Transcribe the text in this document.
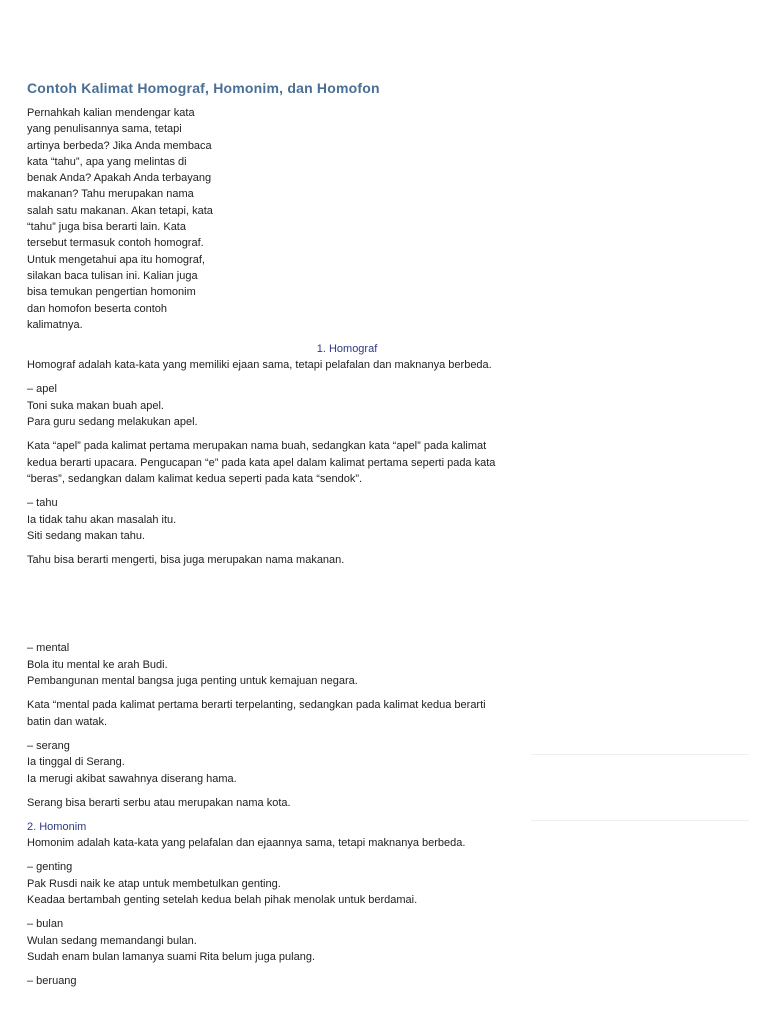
Contoh Kalimat Homograf, Homonim, dan Homofon
Pernahkah kalian mendengar kata
yang penulisannya sama, tetapi
artinya berbeda? Jika Anda membaca
kata “tahu”, apa yang melintas di
benak Anda? Apakah Anda terbayang
makanan? Tahu merupakan nama
salah satu makanan. Akan tetapi, kata
“tahu” juga bisa berarti lain. Kata
tersebut termasuk contoh homograf.
Untuk mengetahui apa itu homograf,
silakan baca tulisan ini. Kalian juga
bisa temukan pengertian homonim
dan homofon beserta contoh
kalimatnya.
1. Homograf

Homograf adalah kata-kata yang memiliki ejaan sama, tetapi pelafalan dan maknanya berbeda.

– apel
Toni suka makan buah apel.
Para guru sedang melakukan apel.
Kata “apel” pada kalimat pertama merupakan nama buah, sedangkan kata “apel” pada kalimat
kedua berarti upacara. Pengucapan “e” pada kata apel dalam kalimat pertama seperti pada kata
“beras”, sedangkan dalam kalimat kedua seperti pada kata “sendok”.
– tahu
Ia tidak tahu akan masalah itu.
Siti sedang makan tahu.

Tahu bisa berarti mengerti, bisa juga merupakan nama makanan.

– mental
Bola itu mental ke arah Budi.
Pembangunan mental bangsa juga penting untuk kemajuan negara.
Kata “mental pada kalimat pertama berarti terpelanting, sedangkan pada kalimat kedua berarti
batin dan watak.
– serang
Ia tinggal di Serang.
Ia merugi akibat sawahnya diserang hama.

Serang bisa berarti serbu atau merupakan nama kota.

2. Homonim

Homonim adalah kata-kata yang pelafalan dan ejaannya sama, tetapi maknanya berbeda.

– genting
Pak Rusdi naik ke atap untuk membetulkan genting.
Keadaa bertambah genting setelah kedua belah pihak menolak untuk berdamai.
– bulan
Wulan sedang memandangi bulan.
Sudah enam bulan lamanya suami Rita belum juga pulang.
– beruang
